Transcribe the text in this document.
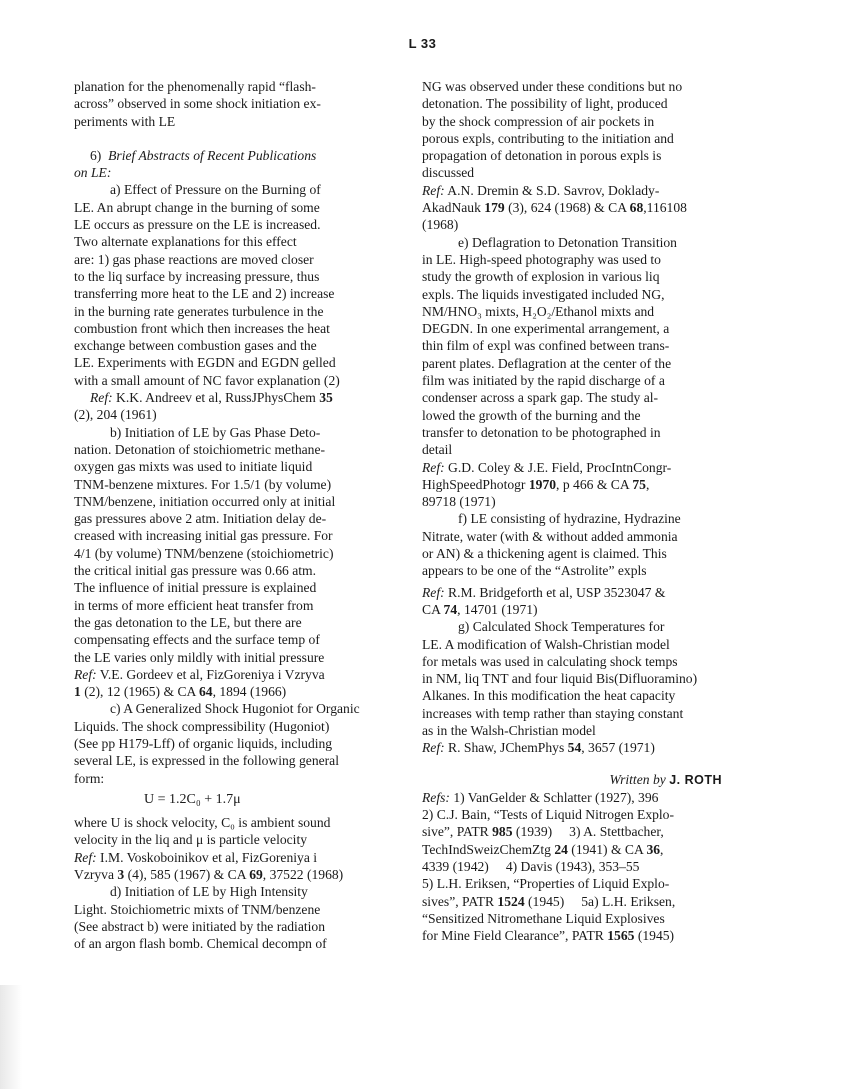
L 33

planation for the phenomenally rapid “flash-

across” observed in some shock initiation ex-

periments with LE

6) Brief Abstracts of Recent Publications

on LE:

a) Effect of Pressure on the Burning of

LE. An abrupt change in the burning of some

LE occurs as pressure on the LE is increased.

Two alternate explanations for this effect

are: 1) gas phase reactions are moved closer

to the liq surface by increasing pressure, thus

transferring more heat to the LE and 2) increase

in the burning rate generates turbulence in the

combustion front which then increases the heat

exchange between combustion gases and the

LE. Experiments with EGDN and EGDN gelled

with a small amount of NC favor explanation (2)

Ref: K.K. Andreev et al, RussJPhysChem 35

(2), 204 (1961)

b) Initiation of LE by Gas Phase Deto-

nation. Detonation of stoichiometric methane-

oxygen gas mixts was used to initiate liquid

TNM-benzene mixtures. For 1.5/1 (by volume)

TNM/benzene, initiation occurred only at initial

gas pressures above 2 atm. Initiation delay de-

creased with increasing initial gas pressure. For

4/1 (by volume) TNM/benzene (stoichiometric)

the critical initial gas pressure was 0.66 atm.

The influence of initial pressure is explained

in terms of more efficient heat transfer from

the gas detonation to the LE, but there are

compensating effects and the surface temp of

the LE varies only mildly with initial pressure

Ref: V.E. Gordeev et al, FizGoreniya i Vzryva

1 (2), 12 (1965) & CA 64, 1894 (1966)

c) A Generalized Shock Hugoniot for Organic

Liquids. The shock compressibility (Hugoniot)

(See pp H179-Lff) of organic liquids, including

several LE, is expressed in the following general

form:

U = 1.2C₀ + 1.7μ

where U is shock velocity, C₀ is ambient sound

velocity in the liq and μ is particle velocity

Ref: I.M. Voskoboinikov et al, FizGoreniya i

Vzryva 3 (4), 585 (1967) & CA 69, 37522 (1968)

d) Initiation of LE by High Intensity

Light. Stoichiometric mixts of TNM/benzene

(See abstract b) were initiated by the radiation

of an argon flash bomb. Chemical decompn of

NG was observed under these conditions but no

detonation. The possibility of light, produced

by the shock compression of air pockets in

porous expls, contributing to the initiation and

propagation of detonation in porous expls is

discussed

Ref: A.N. Dremin & S.D. Savrov, Doklady-

AkadNauk 179 (3), 624 (1968) & CA 68,116108

(1968)

e) Deflagration to Detonation Transition

in LE. High-speed photography was used to

study the growth of explosion in various liq

expls. The liquids investigated included NG,

NM/HNO₃ mixts, H₂O₂/Ethanol mixts and

DEGDN. In one experimental arrangement, a

thin film of expl was confined between trans-

parent plates. Deflagration at the center of the

film was initiated by the rapid discharge of a

condenser across a spark gap. The study al-

lowed the growth of the burning and the

transfer to detonation to be photographed in

detail

Ref: G.D. Coley & J.E. Field, ProcIntnCongr-

HighSpeedPhotogr 1970, p 466 & CA 75,

89718 (1971)

f) LE consisting of hydrazine, Hydrazine

Nitrate, water (with & without added ammonia

or AN) & a thickening agent is claimed. This

appears to be one of the “Astrolite” expls

Ref: R.M. Bridgeforth et al, USP 3523047 &

CA 74, 14701 (1971)

g) Calculated Shock Temperatures for

LE. A modification of Walsh-Christian model

for metals was used in calculating shock temps

in NM, liq TNT and four liquid Bis(Difluoramino)

Alkanes. In this modification the heat capacity

increases with temp rather than staying constant

as in the Walsh-Christian model

Ref: R. Shaw, JChemPhys 54, 3657 (1971)

Written by J. ROTH

Refs: 1) VanGelder & Schlatter (1927), 396

2) C.J. Bain, “Tests of Liquid Nitrogen Explo-

sive”, PATR 985 (1939)     3) A. Stettbacher,

TechIndSweizChemZtg 24 (1941) & CA 36,

4339 (1942)     4) Davis (1943), 353–55

5) L.H. Eriksen, “Properties of Liquid Explo-

sives”, PATR 1524 (1945)     5a) L.H. Eriksen,

“Sensitized Nitromethane Liquid Explosives

for Mine Field Clearance”, PATR 1565 (1945)
